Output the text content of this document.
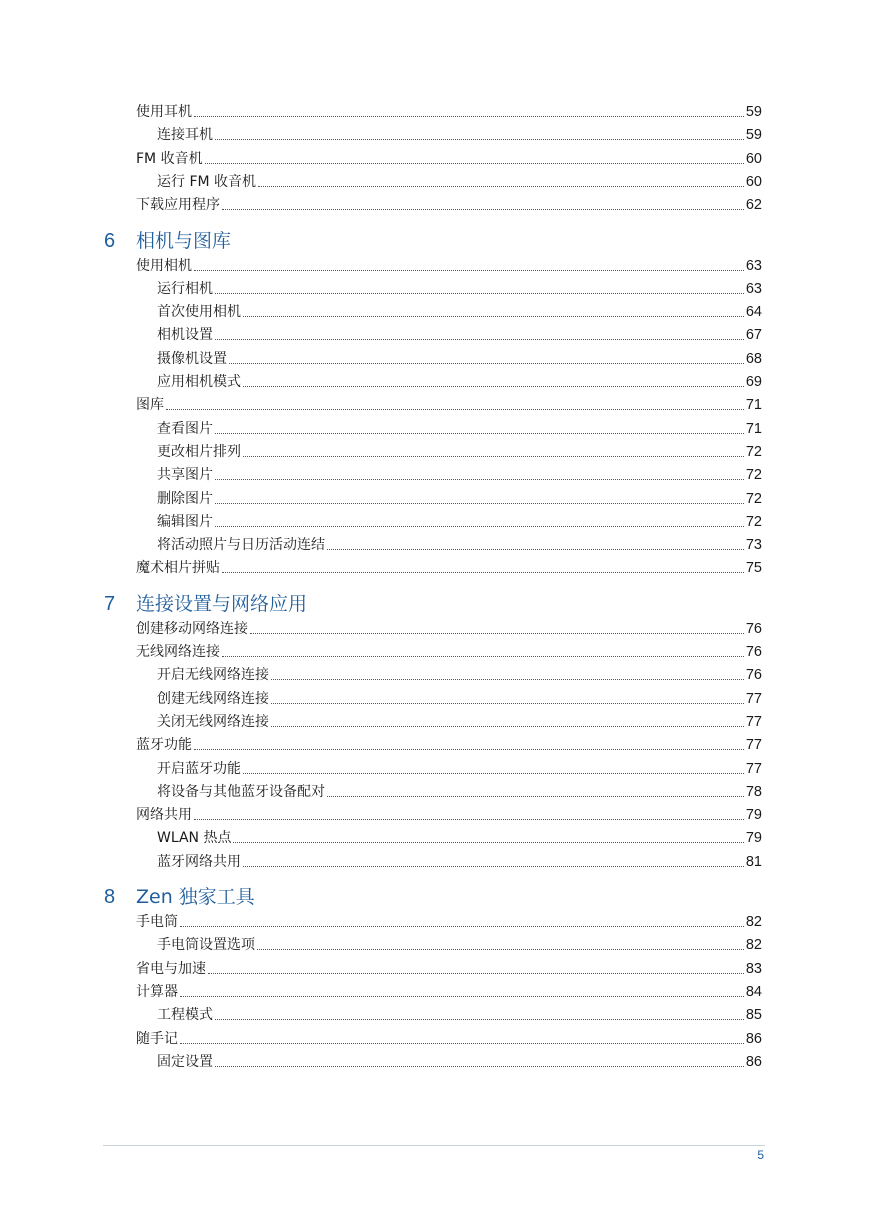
使用耳机	59
连接耳机	59
FM 收音机	60
运行 FM 收音机	60
下载应用程序	62
6	相机与图库
使用相机	63
运行相机	63
首次使用相机	64
相机设置	67
摄像机设置	68
应用相机模式	69
图库	71
查看图片	71
更改相片排列	72
共享图片	72
删除图片	72
编辑图片	72
将活动照片与日历活动连结	73
魔术相片拼贴	75
7	连接设置与网络应用
创建移动网络连接	76
无线网络连接	76
开启无线网络连接	76
创建无线网络连接	77
关闭无线网络连接	77
蓝牙功能	77
开启蓝牙功能	77
将设备与其他蓝牙设备配对	78
网络共用	79
WLAN 热点	79
蓝牙网络共用	81
8	Zen 独家工具
手电筒	82
手电筒设置选项	82
省电与加速	83
计算器	84
工程模式	85
随手记	86
固定设置	86
5
